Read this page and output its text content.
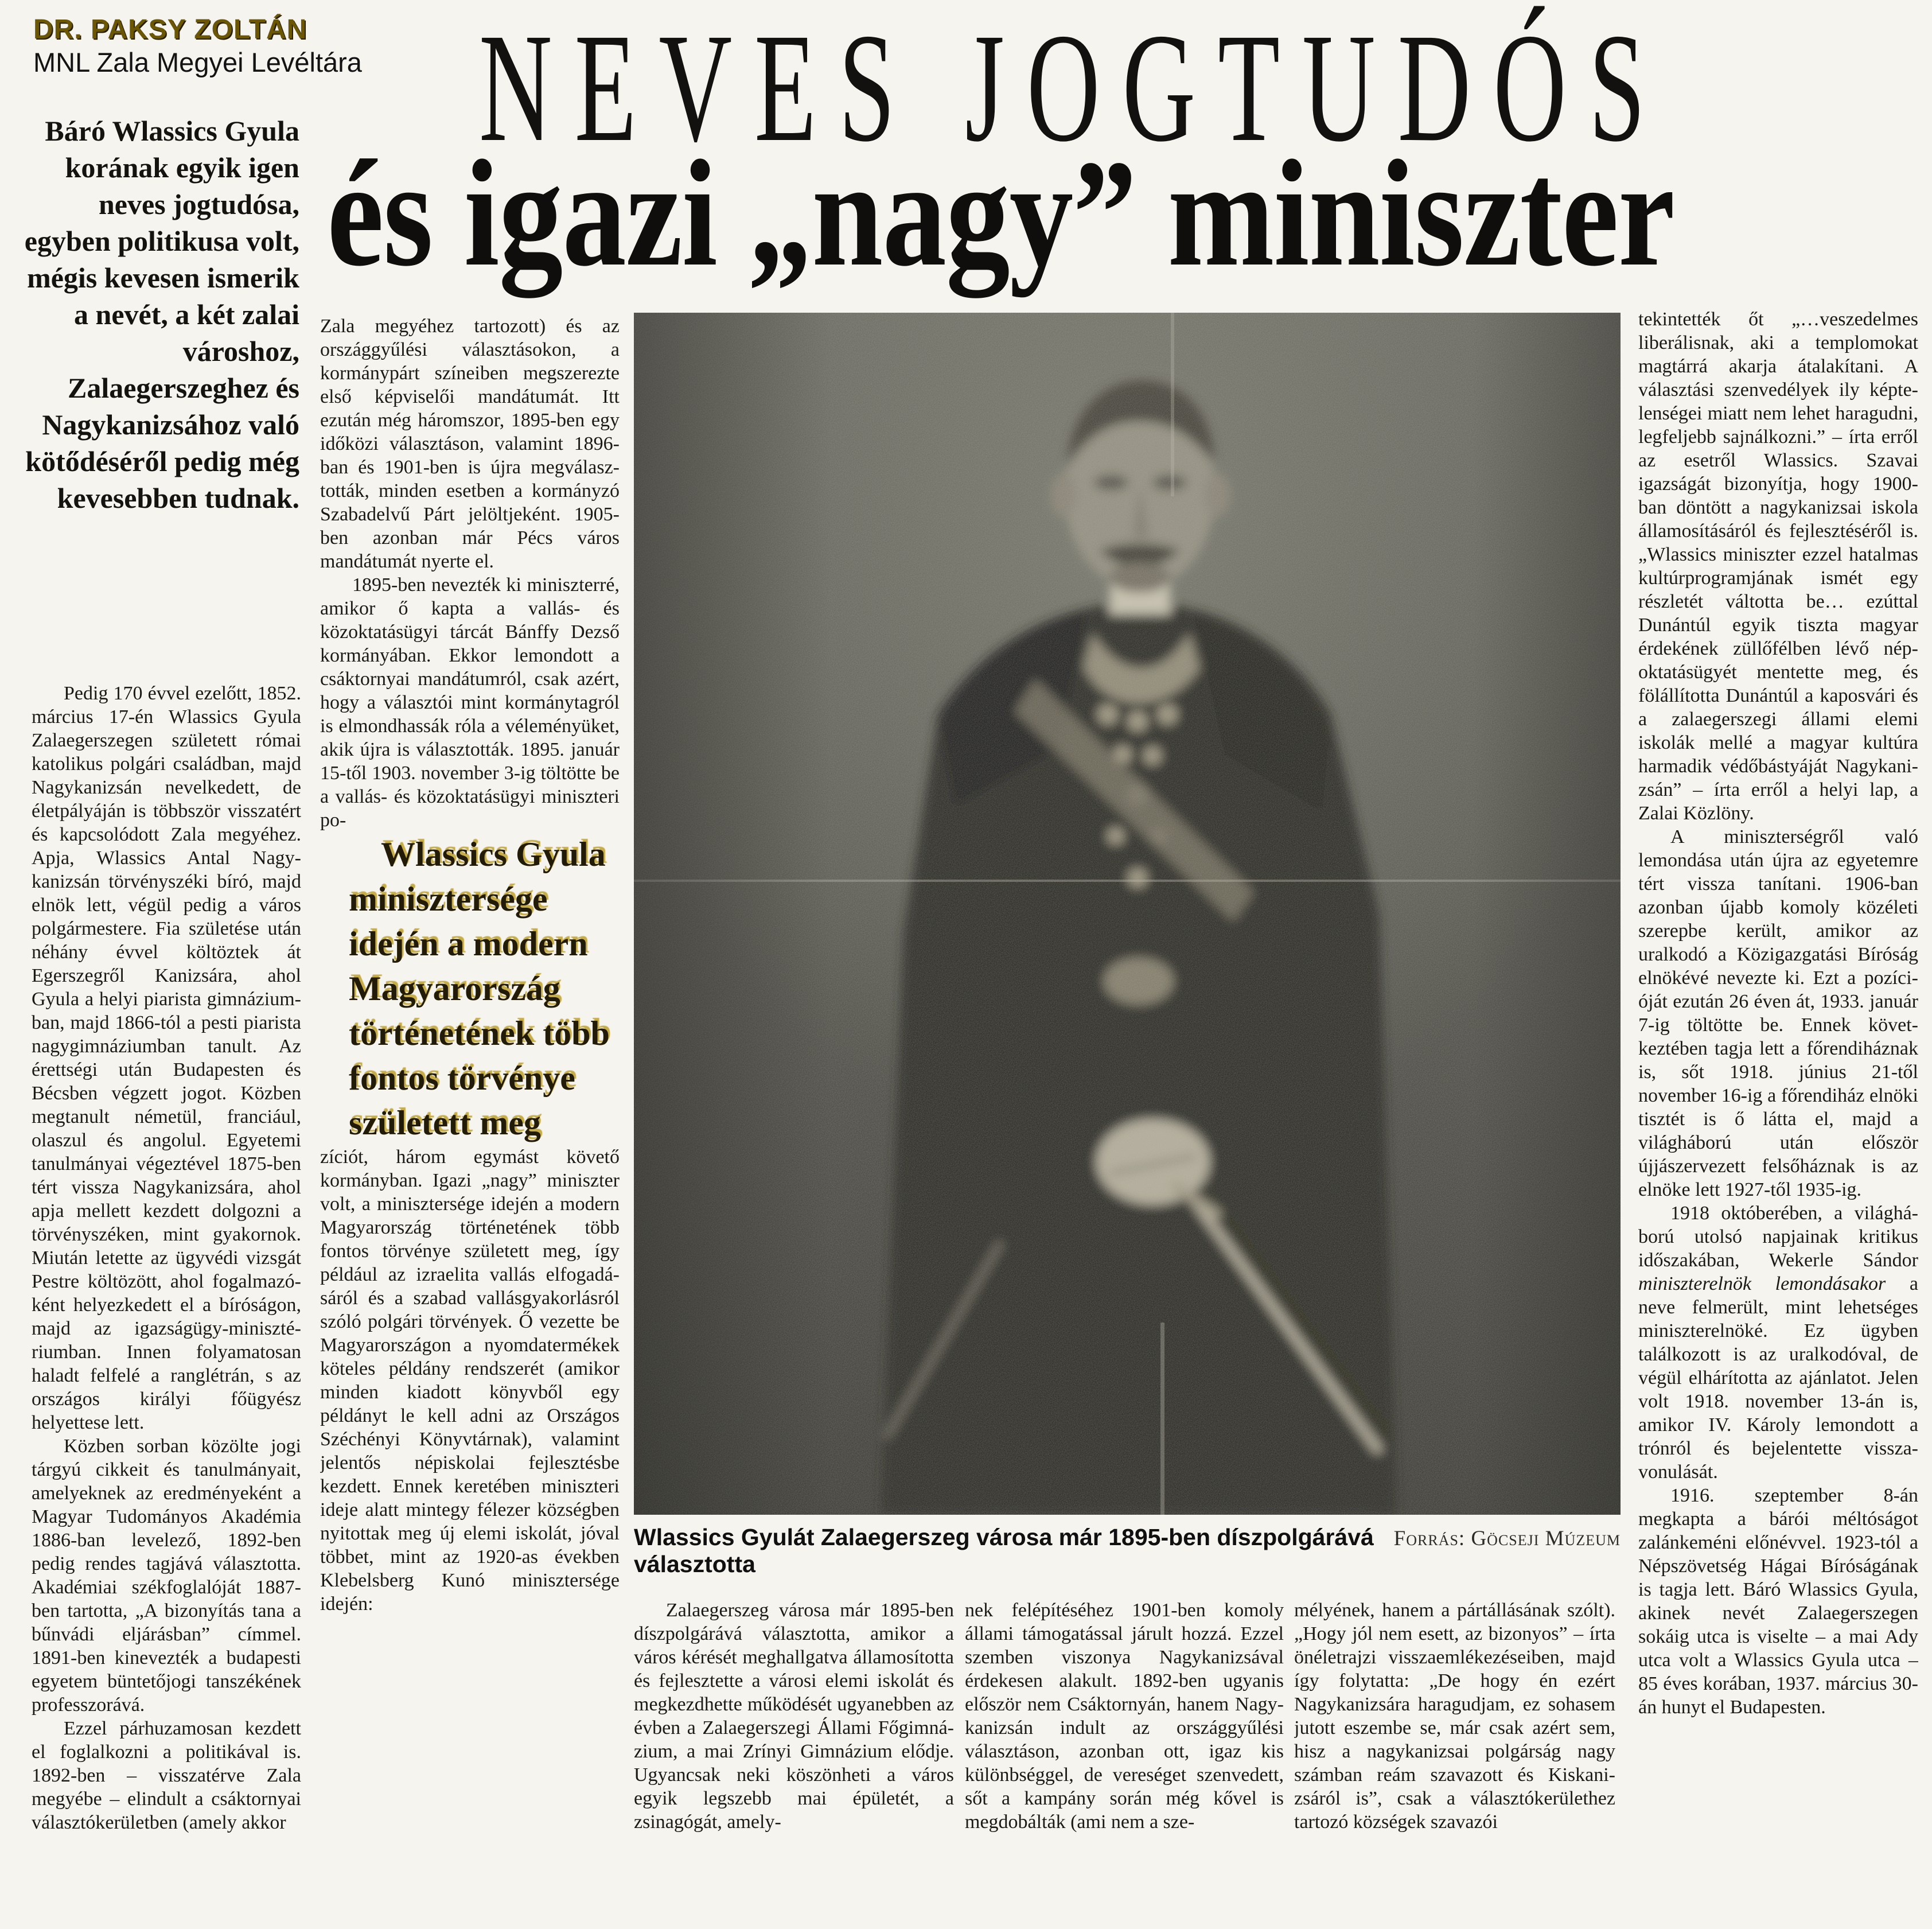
DR. PAKSY ZOLTÁN
MNL Zala Megyei Levéltára NEVES JOGTUDÓS
és igazi „nagy” miniszter
Báró Wlassics Gyula korának egyik igen neves jogtudósa, egyben politikusa volt, mégis kevesen ismerik a nevét, a két zalai városhoz, Zalaegerszeghez és Nagykanizsához való kötődéséről pedig még kevesebben tudnak.

Pedig 170 évvel ezelőtt, 1852. március 17-én Wlassics Gyula Zalaegerszegen született római katolikus polgári családban, majd Nagykanizsán nevelkedett, de életpályáján is többször visszatért és kapcsolódott Zala megyéhez. Apja, Wlassics Antal Nagykanizsán törvényszéki bíró, majd elnök lett, végül pedig a város polgármestere. Fia születése után néhány évvel költöztek át Egerszegről Kanizsára, ahol Gyula a helyi piarista gimnáziumban, majd 1866-tól a pesti piarista nagygimnáziumban tanult. Az érettségi után Budapesten és Bécsben végzett jogot. Közben megtanult németül, franciául, olaszul és angolul. Egyetemi tanulmányai végeztével 1875-ben tért vissza Nagykanizsára, ahol apja mellett kezdett dolgozni a törvényszéken, mint gyakornok. Miután letette az ügyvédi vizsgát Pestre költözött, ahol fogalmazóként helyezkedett el a bíróságon, majd az igazságügy-minisztériumban. Innen folyamatosan haladt felfelé a ranglétrán, s az országos királyi főügyész helyettese lett.

Közben sorban közölte jogi tárgyú cikkeit és tanulmányait, amelyeknek az eredményeként a Magyar Tudományos Akadémia 1886-ban levelező, 1892-ben pedig rendes tagjává választotta. Akadémiai székfoglalóját 1887-ben tartotta, „A bizonyítás tana a bűnvádi eljárásban” címmel. 1891-ben kinevezték a budapesti egyetem büntetőjogi tanszékének professzorává.

Ezzel párhuzamosan kezdett el foglalkozni a politikával is. 1892-ben – visszatérve Zala megyébe – elindult a csáktornyai választókerületben (amely akkor

Zala megyéhez tartozott) és az országgyűlési választásokon, a kormánypárt színeiben megszerezte első képviselői mandátumát. Itt ezután még háromszor, 1895-ben egy időközi választáson, valamint 1896-ban és 1901-ben is újra megválasztották, minden esetben a kormányzó Szabadelvű Párt jelöltjeként. 1905-ben azonban már Pécs város mandátumát nyerte el.

1895-ben nevezték ki miniszterré, amikor ő kapta a vallás- és közoktatásügyi tárcát Bánffy Dezső kormányában. Ekkor lemondott a csáktornyai mandátumról, csak azért, hogy a választói mint kormánytagról is elmondhassák róla a véleményüket, akik újra is választották. 1895. január 15-től 1903. november 3-ig töltötte be a vallás- és közoktatásügyi miniszteri po-

Wlassics Gyula minisztersége idején a modern Magyarország történetének több fontos törvénye született meg

zíciót, három egymást követő kormányban. Igazi „nagy” miniszter volt, a minisztersége idején a modern Magyarország történetének több fontos törvénye született meg, így például az izraelita vallás elfogadásáról és a szabad vallásgyakorlásról szóló polgári törvények. Ő vezette be Magyarországon a nyomdatermékek köteles példány rendszerét (amikor minden kiadott könyvből egy példányt le kell adni az Országos Széchényi Könyvtárnak), valamint jelentős népiskolai fejlesztésbe kezdett. Ennek keretében miniszteri ideje alatt mintegy félezer községben nyitottak meg új elemi iskolát, jóval többet, mint az 1920-as években Klebelsberg Kunó minisztersége idején:

Wlassics Gyulát Zalaegerszeg városa már 1895-ben díszpolgárává választotta
Forrás: Göcseji Múzeum

Zalaegerszeg városa már 1895-ben díszpolgárává választotta, amikor a város kérését meghallgatva államosította és fejlesztette a városi elemi iskolát és megkezdhette működését ugyanebben az évben a Zalaegerszegi Állami Főgimnázium, a mai Zrínyi Gimnázium elődje. Ugyancsak neki köszönheti a város egyik legszebb mai épületét, a zsinagógát, amely-

nek felépítéséhez 1901-ben komoly állami támogatással járult hozzá. Ezzel szemben viszonya Nagykanizsával érdekesen alakult. 1892-ben ugyanis először nem Csáktornyán, hanem Nagykanizsán indult az országgyűlési választáson, azonban ott, igaz kis különbséggel, de vereséget szenvedett, sőt a kampány során még kővel is megdobálták (ami nem a sze-

mélyének, hanem a pártállásának szólt). „Hogy jól nem esett, az bizonyos” – írta önéletrajzi visszaemlékezéseiben, majd így folytatta: „De hogy én ezért Nagykanizsára haragudjam, ez sohasem jutott eszembe se, már csak azért sem, hisz a nagykanizsai polgárság nagy számban reám szavazott és Kiskanizsáról is”, csak a választókerülethez tartozó községek szavazói

tekintették őt „…veszedelmes liberálisnak, aki a templomokat magtárrá akarja átalakítani. A választási szenvedélyek ily képtelenségei miatt nem lehet haragudni, legfeljebb sajnálkozni.” – írta erről az esetről Wlassics. Szavai igazságát bizonyítja, hogy 1900-ban döntött a nagykanizsai iskola államosításáról és fejlesztéséről is. „Wlassics miniszter ezzel hatalmas kultúrprogramjának ismét egy részletét váltotta be… ezúttal Dunántúl egyik tiszta magyar érdekének züllőfélben lévő népoktatásügyét mentette meg, és fölállította Dunántúl a kaposvári és a zalaegerszegi állami elemi iskolák mellé a magyar kultúra harmadik védőbástyáját Nagykanizsán” – írta erről a helyi lap, a Zalai Közlöny.

A miniszterségről való lemondása után újra az egyetemre tért vissza tanítani. 1906-ban azonban újabb komoly közéleti szerepbe került, amikor az uralkodó a Közigazgatási Bíróság elnökévé nevezte ki. Ezt a pozícióját ezután 26 éven át, 1933. január 7-ig töltötte be. Ennek következtében tagja lett a főrendiháznak is, sőt 1918. június 21-től november 16-ig a főrendiház elnöki tisztét is ő látta el, majd a világháború után először újjászervezett felsőháznak is az elnöke lett 1927-től 1935-ig.

1918 októberében, a világháború utolsó napjainak kritikus időszakában, Wekerle Sándor miniszterelnök lemondásakor a neve felmerült, mint lehetséges miniszterelnöké. Ez ügyben találkozott is az uralkodóval, de végül elhárította az ajánlatot. Jelen volt 1918. november 13-án is, amikor IV. Károly lemondott a trónról és bejelentette visszavonulását.

1916. szeptember 8-án megkapta a bárói méltóságot zalánkeméni előnévvel. 1923-tól a Népszövetség Hágai Bíróságának is tagja lett. Báró Wlassics Gyula, akinek nevét Zalaegerszegen sokáig utca is viselte – a mai Ady utca volt a Wlassics Gyula utca – 85 éves korában, 1937. március 30-án hunyt el Budapesten.
